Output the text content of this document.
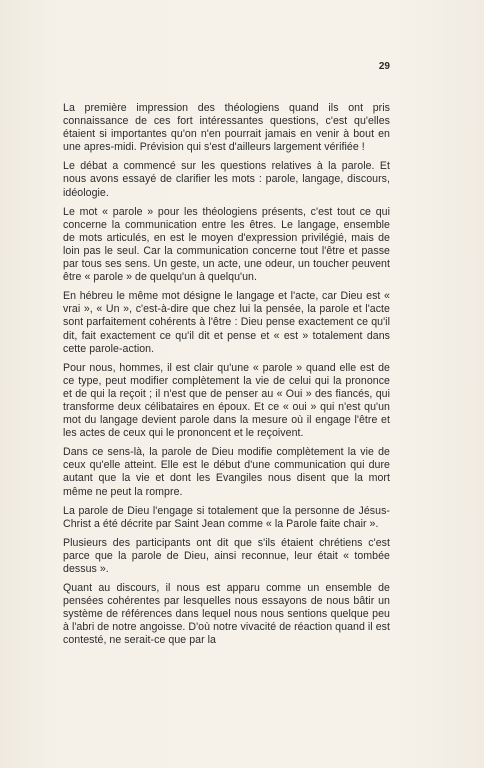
29

La première impression des théologiens quand ils ont pris connaissance de ces fort intéressantes questions, c'est qu'elles étaient si importantes qu'on n'en pourrait jamais en venir à bout en une apres-midi. Prévision qui s'est d'ailleurs largement vérifiée !

Le débat a commencé sur les questions relatives à la parole. Et nous avons essayé de clarifier les mots : parole, langage, discours, idéologie.

Le mot « parole » pour les théologiens présents, c'est tout ce qui concerne la communication entre les êtres. Le langage, ensemble de mots articulés, en est le moyen d'expression privilégié, mais de loin pas le seul. Car la communication concerne tout l'être et passe par tous ses sens. Un geste, un acte, une odeur, un toucher peuvent être « parole » de quelqu'un à quelqu'un.

En hébreu le même mot désigne le langage et l'acte, car Dieu est « vrai », « Un », c'est-à-dire que chez lui la pensée, la parole et l'acte sont parfaitement cohérents à l'être : Dieu pense exactement ce qu'il dit, fait exactement ce qu'il dit et pense et « est » totalement dans cette parole-action.

Pour nous, hommes, il est clair qu'une « parole » quand elle est de ce type, peut modifier complètement la vie de celui qui la prononce et de qui la reçoit ; il n'est que de penser au « Oui » des fiancés, qui transforme deux célibataires en époux. Et ce « oui » qui n'est qu'un mot du langage devient parole dans la mesure où il engage l'être et les actes de ceux qui le prononcent et le reçoivent.

Dans ce sens-là, la parole de Dieu modifie complètement la vie de ceux qu'elle atteint. Elle est le début d'une communication qui dure autant que la vie et dont les Evangiles nous disent que la mort même ne peut la rompre.

La parole de Dieu l'engage si totalement que la personne de Jésus-Christ a été décrite par Saint Jean comme « la Parole faite chair ».

Plusieurs des participants ont dit que s'ils étaient chrétiens c'est parce que la parole de Dieu, ainsi reconnue, leur était « tombée dessus ».

Quant au discours, il nous est apparu comme un ensemble de pensées cohérentes par lesquelles nous essayons de nous bâtir un système de références dans lequel nous nous sentions quelque peu à l'abri de notre angoisse. D'où notre vivacité de réaction quand il est contesté, ne serait-ce que par la
